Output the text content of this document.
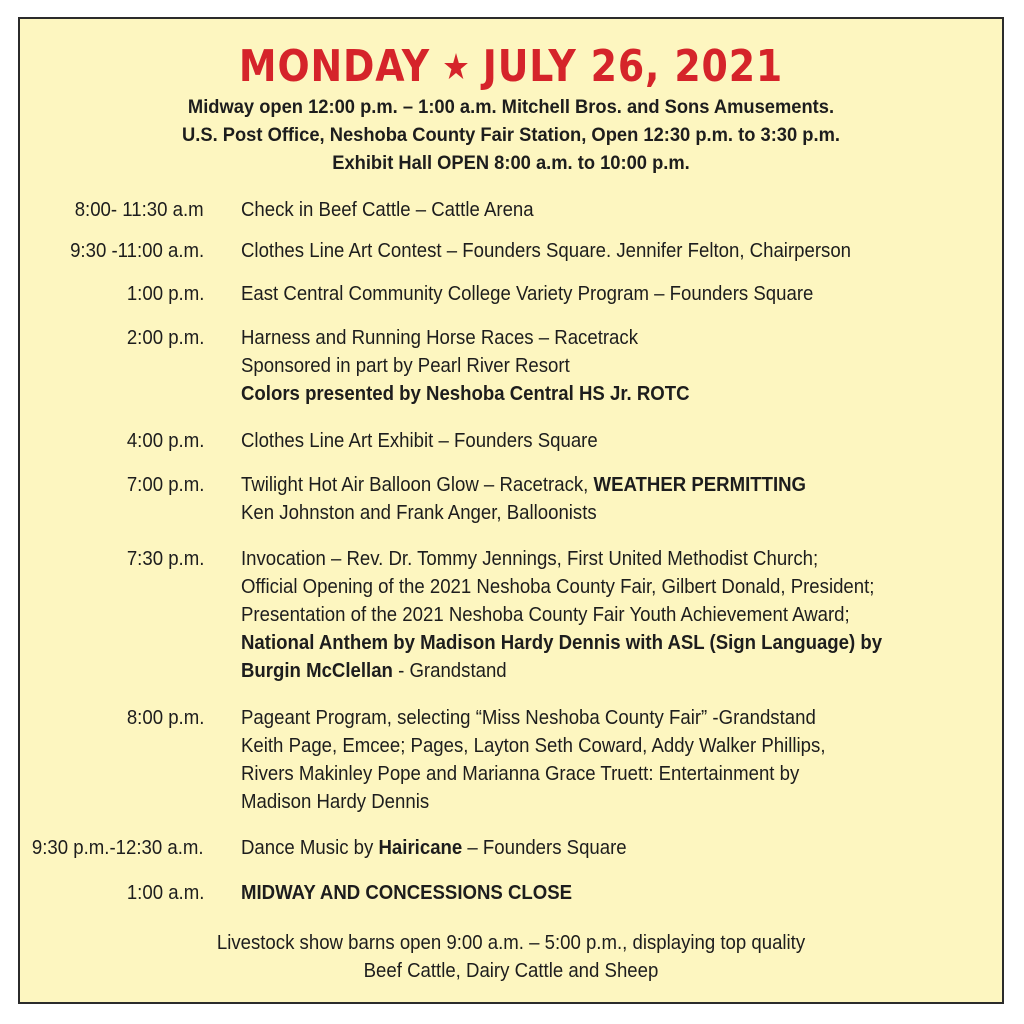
MONDAY ★ JULY 26, 2021
Midway open 12:00 p.m. – 1:00 a.m. Mitchell Bros. and Sons Amusements.
U.S. Post Office, Neshoba County Fair Station, Open 12:30 p.m. to 3:30 p.m.
Exhibit Hall OPEN 8:00 a.m. to 10:00 p.m.
8:00- 11:30 a.m Check in Beef Cattle – Cattle Arena
9:30 -11:00 a.m. Clothes Line Art Contest – Founders Square. Jennifer Felton, Chairperson
1:00 p.m. East Central Community College Variety Program – Founders Square
2:00 p.m. Harness and Running Horse Races – Racetrack
Sponsored in part by Pearl River Resort
Colors presented by Neshoba Central HS Jr. ROTC
4:00 p.m. Clothes Line Art Exhibit – Founders Square
7:00 p.m. Twilight Hot Air Balloon Glow – Racetrack, WEATHER PERMITTING
Ken Johnston and Frank Anger, Balloonists
7:30 p.m. Invocation – Rev. Dr. Tommy Jennings, First United Methodist Church;
Official Opening of the 2021 Neshoba County Fair, Gilbert Donald, President;
Presentation of the 2021 Neshoba County Fair Youth Achievement Award;
National Anthem by Madison Hardy Dennis with ASL (Sign Language) by
Burgin McClellan - Grandstand
8:00 p.m. Pageant Program, selecting “Miss Neshoba County Fair” -Grandstand
Keith Page, Emcee; Pages, Layton Seth Coward, Addy Walker Phillips,
Rivers Makinley Pope and Marianna Grace Truett: Entertainment by
Madison Hardy Dennis
9:30 p.m.-12:30 a.m. Dance Music by Hairicane – Founders Square
1:00 a.m. MIDWAY AND CONCESSIONS CLOSE
Livestock show barns open 9:00 a.m. – 5:00 p.m., displaying top quality
Beef Cattle, Dairy Cattle and Sheep
